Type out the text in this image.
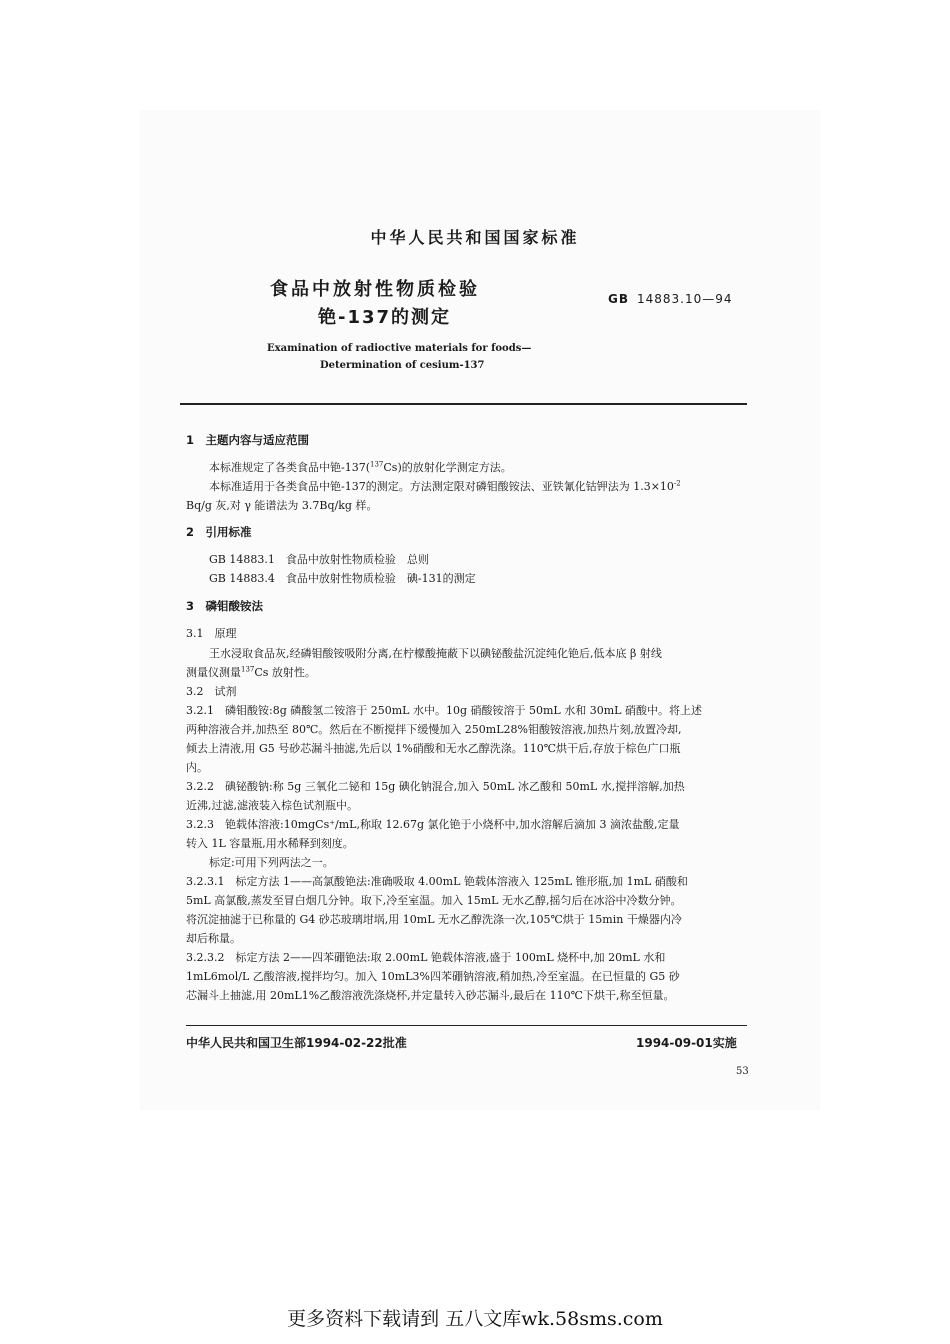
中华人民共和国国家标准
食品中放射性物质检验
铯-137的测定
GB 14883.10—94
Examination of radioctive materials for foods—
Determination of cesium-137
1　主题内容与适应范围
本标准规定了各类食品中铯-137($^{137}$Cs)的放射化学测定方法。
本标准适用于各类食品中铯-137的测定。方法测定限对磷钼酸铵法、亚铁氰化钴钾法为 $1.3\times 10^{-2}$
Bq/g 灰,对 γ 能谱法为 3.7Bq/kg 样。
2　引用标准
GB 14883.1　 食品中放射性物质检验　总则
GB 14883.4　 食品中放射性物质检验　碘-131的测定
3　磷钼酸铵法
3.1　原理
王水浸取食品灰,经磷钼酸铵吸附分离,在柠檬酸掩蔽下以碘铋酸盐沉淀纯化铯后,低本底 β 射线
测量仪测量$^{137}$Cs 放射性。
3.2　试剂
3.2.1　磷钼酸铵:8g 磷酸氢二铵溶于 250mL 水中。10g 硝酸铵溶于 50mL 水和 30mL 硝酸中。将上述
两种溶液合并,加热至 80℃。然后在不断搅拌下缓慢加入 250mL28%钼酸铵溶液,加热片刻,放置冷却,
倾去上清液,用 G5 号砂芯漏斗抽滤,先后以 1%硝酸和无水乙醇洗涤。110℃烘干后,存放于棕色广口瓶
内。
3.2.2　碘铋酸钠:称 5g 三氧化二铋和 15g 碘化钠混合,加入 50mL 冰乙酸和 50mL 水,搅拌溶解,加热
近沸,过滤,滤液装入棕色试剂瓶中。
3.2.3　铯载体溶液:10mgCs⁺/mL,称取 12.67g 氯化铯于小烧杯中,加水溶解后滴加 3 滴浓盐酸,定量
转入 1L 容量瓶,用水稀释到刻度。
标定:可用下列两法之一。
3.2.3.1　标定方法 1——高氯酸铯法:准确吸取 4.00mL 铯载体溶液入 125mL 锥形瓶,加 1mL 硝酸和
5mL 高氯酸,蒸发至冒白烟几分钟。取下,冷至室温。加入 15mL 无水乙醇,摇匀后在冰浴中冷数分钟。
将沉淀抽滤于已称量的 G4 砂芯玻璃坩埚,用 10mL 无水乙醇洗涤一次,105℃烘于 15min 干燥器内冷
却后称量。
3.2.3.2　标定方法 2——四苯硼铯法:取 2.00mL 铯载体溶液,盛于 100mL 烧杯中,加 20mL 水和
1mL6mol/L 乙酸溶液,搅拌均匀。加入 10mL3%四苯硼钠溶液,稍加热,冷至室温。在已恒量的 G5 砂
芯漏斗上抽滤,用 20mL1%乙酸溶液洗涤烧杯,并定量转入砂芯漏斗,最后在 110℃下烘干,称至恒量。
中华人民共和国卫生部1994-02-22批准	1994-09-01实施
53
更多资料下载请到 五八文库wk.58sms.com
